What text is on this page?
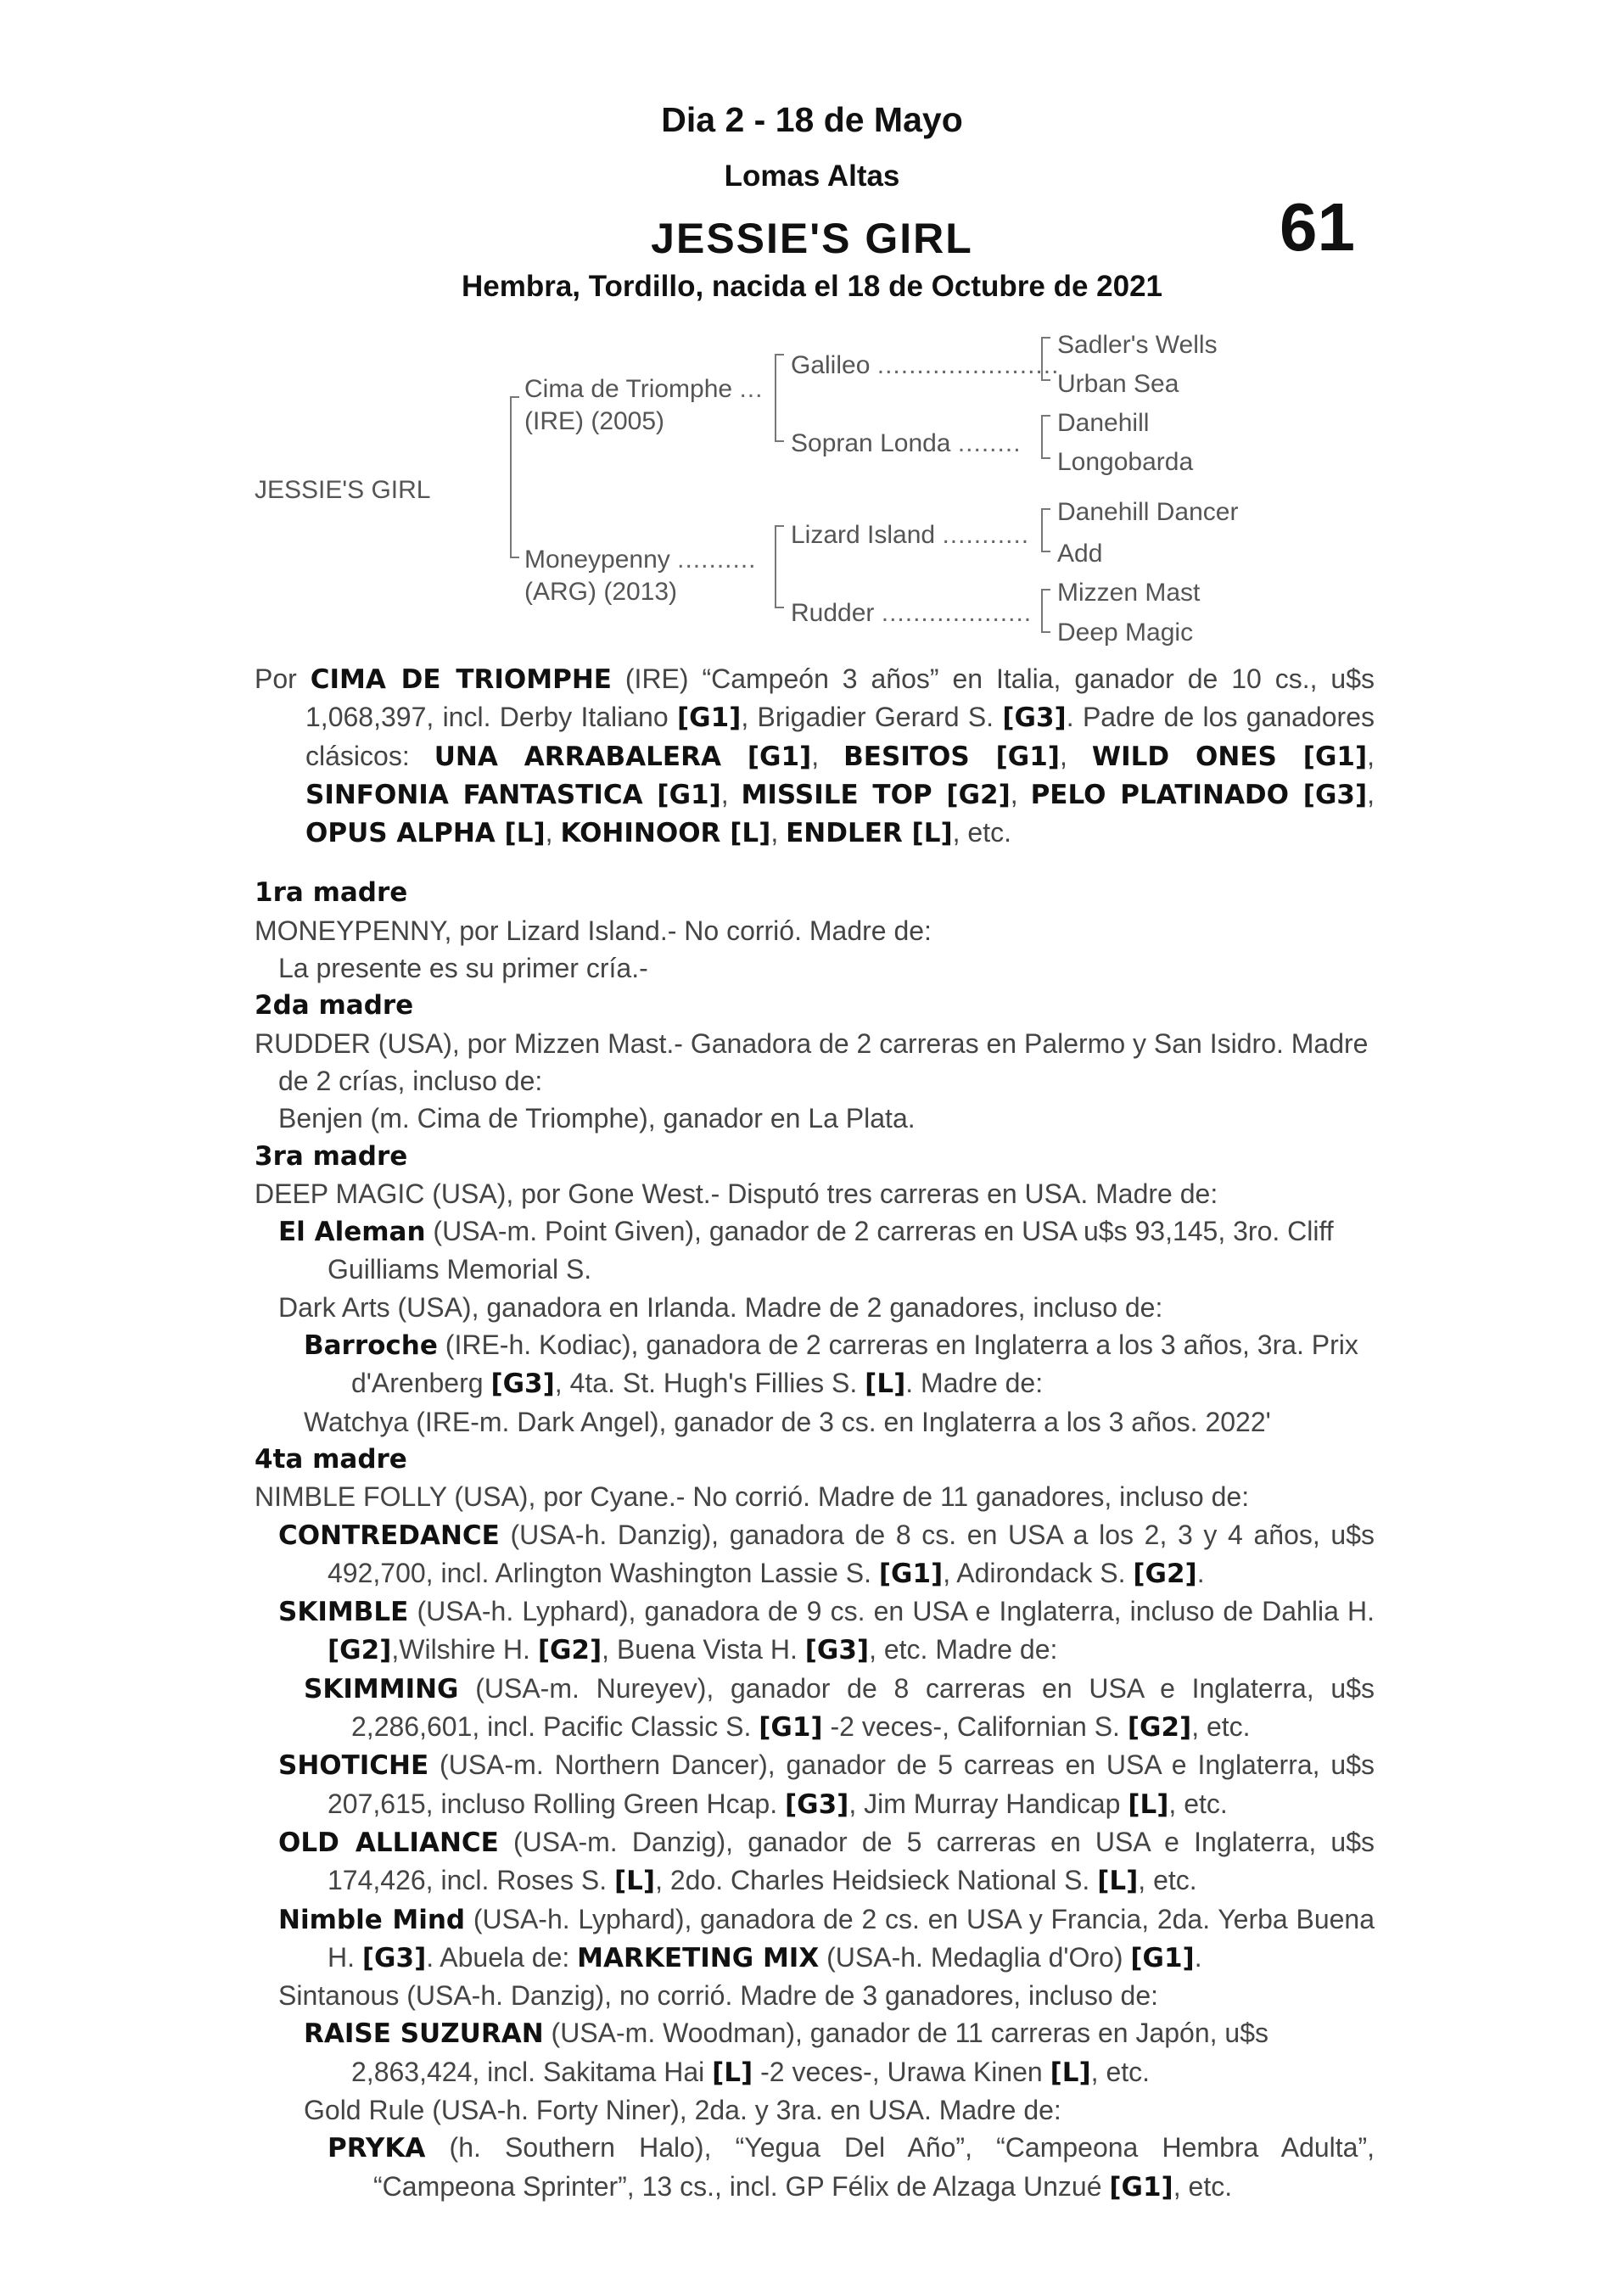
Dia 2 - 18 de Mayo
Lomas Altas
JESSIE'S GIRL
Hembra, Tordillo, nacida el 18 de Octubre de 2021
61
JESSIE'S GIRL
Cima de Triomphe ...
(IRE) (2005)
Moneypenny ..........
(ARG) (2013)
Galileo .......................
Sopran Londa ........
Lizard Island ...........
Rudder ...................
Sadler's Wells
Urban Sea
Danehill
Longobarda
Danehill Dancer
Add
Mizzen Mast
Deep Magic

Por CIMA DE TRIOMPHE (IRE) “Campeón 3 años” en Italia, ganador de 10 cs., u$s 1,068,397, incl. Derby Italiano [G1], Brigadier Gerard S. [G3]. Padre de los ganadores clásicos: UNA ARRABALERA [G1], BESITOS [G1], WILD ONES [G1], SINFONIA FANTASTICA [G1], MISSILE TOP [G2], PELO PLATINADO [G3], OPUS ALPHA [L], KOHINOOR [L], ENDLER [L], etc.

1ra madre

MONEYPENNY, por Lizard Island.- No corrió. Madre de:

La presente es su primer cría.-

2da madre

RUDDER (USA), por Mizzen Mast.- Ganadora de 2 carreras en Palermo y San Isidro. Madre de 2 crías, incluso de:

Benjen (m. Cima de Triomphe), ganador en La Plata.

3ra madre

DEEP MAGIC (USA), por Gone West.- Disputó tres carreras en USA. Madre de:

El Aleman (USA-m. Point Given), ganador de 2 carreras en USA u$s 93,145, 3ro. Cliff Guilliams Memorial S.

Dark Arts (USA), ganadora en Irlanda. Madre de 2 ganadores, incluso de:

Barroche (IRE-h. Kodiac), ganadora de 2 carreras en Inglaterra a los 3 años, 3ra. Prix d'Arenberg [G3], 4ta. St. Hugh's Fillies S. [L]. Madre de:

Watchya (IRE-m. Dark Angel), ganador de 3 cs. en Inglaterra a los 3 años. 2022'

4ta madre

NIMBLE FOLLY (USA), por Cyane.- No corrió. Madre de 11 ganadores, incluso de:

CONTREDANCE (USA-h. Danzig), ganadora de 8 cs. en USA a los 2, 3 y 4 años, u$s 492,700, incl. Arlington Washington Lassie S. [G1], Adirondack S. [G2].

SKIMBLE (USA-h. Lyphard), ganadora de 9 cs. en USA e Inglaterra, incluso de Dahlia H. [G2],Wilshire H. [G2], Buena Vista H. [G3], etc. Madre de:

SKIMMING (USA-m. Nureyev), ganador de 8 carreras en USA e Inglaterra, u$s 2,286,601, incl. Pacific Classic S. [G1] -2 veces-, Californian S. [G2], etc.

SHOTICHE (USA-m. Northern Dancer), ganador de 5 carreas en USA e Inglaterra, u$s 207,615, incluso Rolling Green Hcap. [G3], Jim Murray Handicap [L], etc.

OLD ALLIANCE (USA-m. Danzig), ganador de 5 carreras en USA e Inglaterra, u$s 174,426, incl. Roses S. [L], 2do. Charles Heidsieck National S. [L], etc.

Nimble Mind (USA-h. Lyphard), ganadora de 2 cs. en USA y Francia, 2da. Yerba Buena H. [G3]. Abuela de: MARKETING MIX (USA-h. Medaglia d'Oro) [G1].

Sintanous (USA-h. Danzig), no corrió. Madre de 3 ganadores, incluso de:

RAISE SUZURAN (USA-m. Woodman), ganador de 11 carreras en Japón, u$s 2,863,424, incl. Sakitama Hai [L] -2 veces-, Urawa Kinen [L], etc.

Gold Rule (USA-h. Forty Niner), 2da. y 3ra. en USA. Madre de:

PRYKA (h. Southern Halo), “Yegua Del Año”, “Campeona Hembra Adulta”, “Campeona Sprinter”, 13 cs., incl. GP Félix de Alzaga Unzué [G1], etc.
